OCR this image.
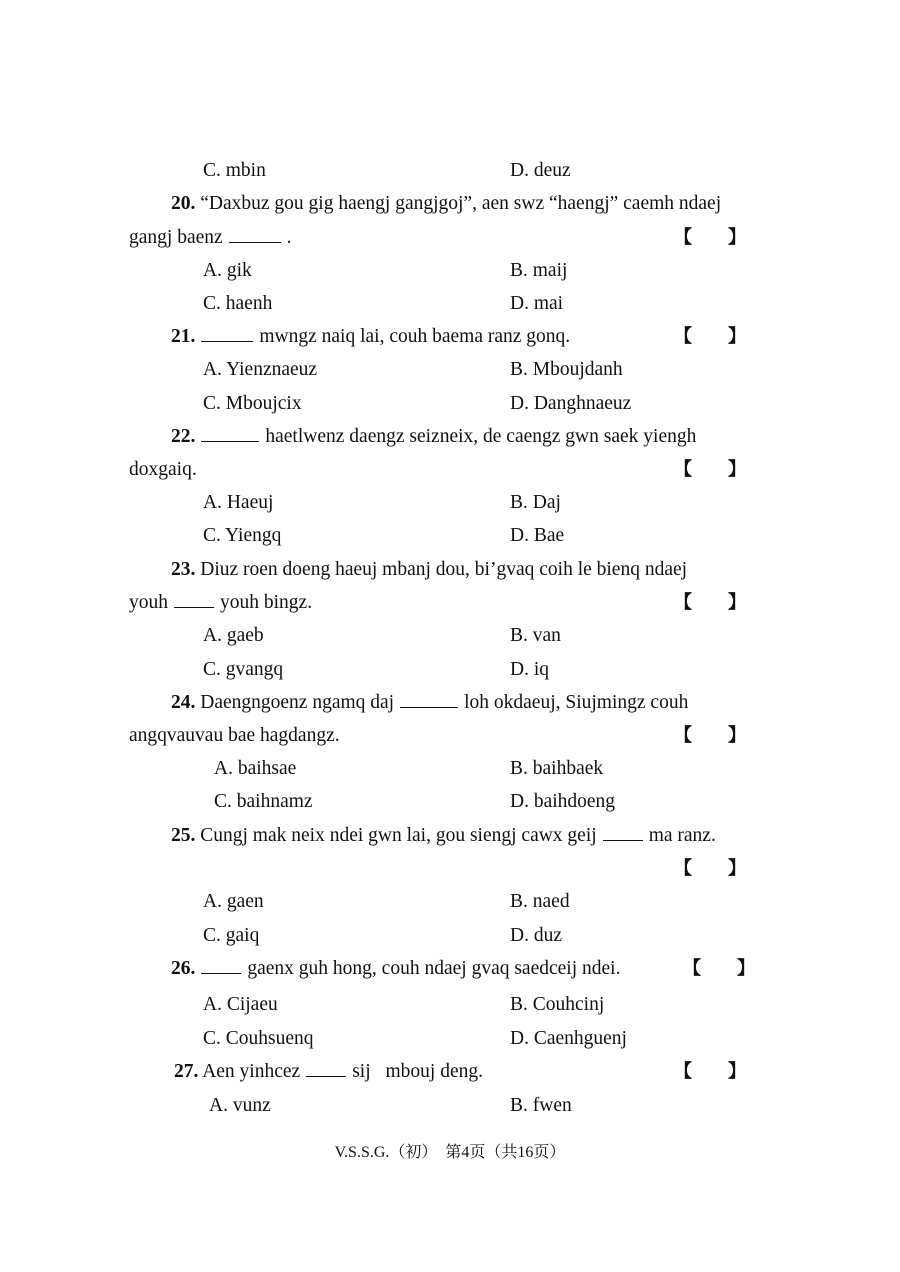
C. mbin	D. deuz
20. “Daxbuz gou gig haengj gangjgoj”, aen swz “haengj” caemh ndaej
gangj baenz	.	【　　】
A. gik	B. maij
C. haenh	D. mai
21.	mwngz naiq lai, couh baema ranz gonq.	【　　】
A. Yienznaeuz	B. Mboujdanh
C. Mboujcix	D. Danghnaeuz
22.	haetlwenz daengz seizneix, de caengz gwn saek yiengh
doxgaiq.	【　　】
A. Haeuj	B. Daj
C. Yiengq	D. Bae
23. Diuz roen doeng haeuj mbanj dou, bi’gvaq coih le bienq ndaej
youh	youh bingz.	【　　】
A. gaeb	B. van
C. gvangq	D. iq
24. Daengngoenz ngamq daj	loh okdaeuj, Siujmingz couh
angqvauvau bae hagdangz.	【　　】
A. baihsae	B. baihbaek
C. baihnamz	D. baihdoeng
25. Cungj mak neix ndei gwn lai, gou siengj cawx geij	ma ranz.
【　　】
A. gaen	B. naed
C. gaiq	D. duz
26.	gaenx guh hong, couh ndaej gvaq saedceij ndei.	【　　】
A. Cijaeu	B. Couhcinj
C. Couhsuenq	D. Caenhguenj
27. Aen yinhcez	sij mbouj deng.	【　　】
A. vunz	B. fwen
V.S.S.G.（初）　第4页（共16页）
